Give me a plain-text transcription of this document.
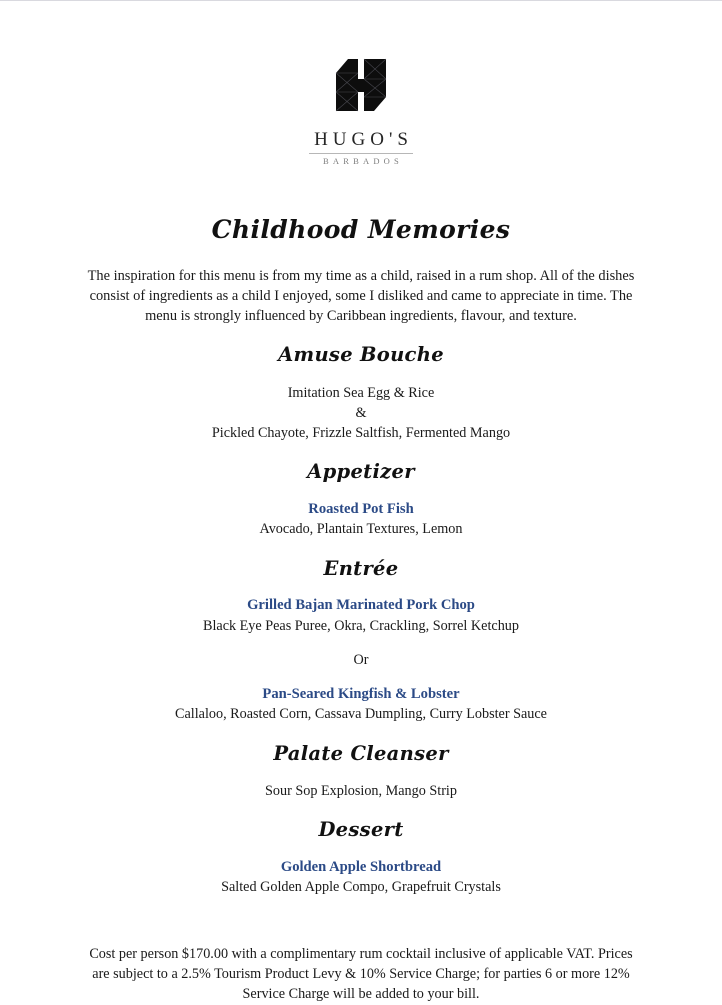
HUGO'S
BARBADOS
Childhood Memories

The inspiration for this menu is from my time as a child, raised in a rum shop. All of the dishes consist of ingredients as a child I enjoyed, some I disliked and came to appreciate in time. The menu is strongly influenced by Caribbean ingredients, flavour, and texture.

Amuse Bouche

Imitation Sea Egg & Rice

&

Pickled Chayote, Frizzle Saltfish, Fermented Mango

Appetizer

Roasted Pot Fish

Avocado, Plantain Textures, Lemon

Entrée

Grilled Bajan Marinated Pork Chop

Black Eye Peas Puree, Okra, Crackling, Sorrel Ketchup

Or

Pan-Seared Kingfish & Lobster

Callaloo, Roasted Corn, Cassava Dumpling, Curry Lobster Sauce

Palate Cleanser

Sour Sop Explosion, Mango Strip

Dessert

Golden Apple Shortbread

Salted Golden Apple Compo, Grapefruit Crystals

Cost per person $170.00 with a complimentary rum cocktail inclusive of applicable VAT. Prices are subject to a 2.5% Tourism Product Levy & 10% Service Charge; for parties 6 or more 12% Service Charge will be added to your bill.
